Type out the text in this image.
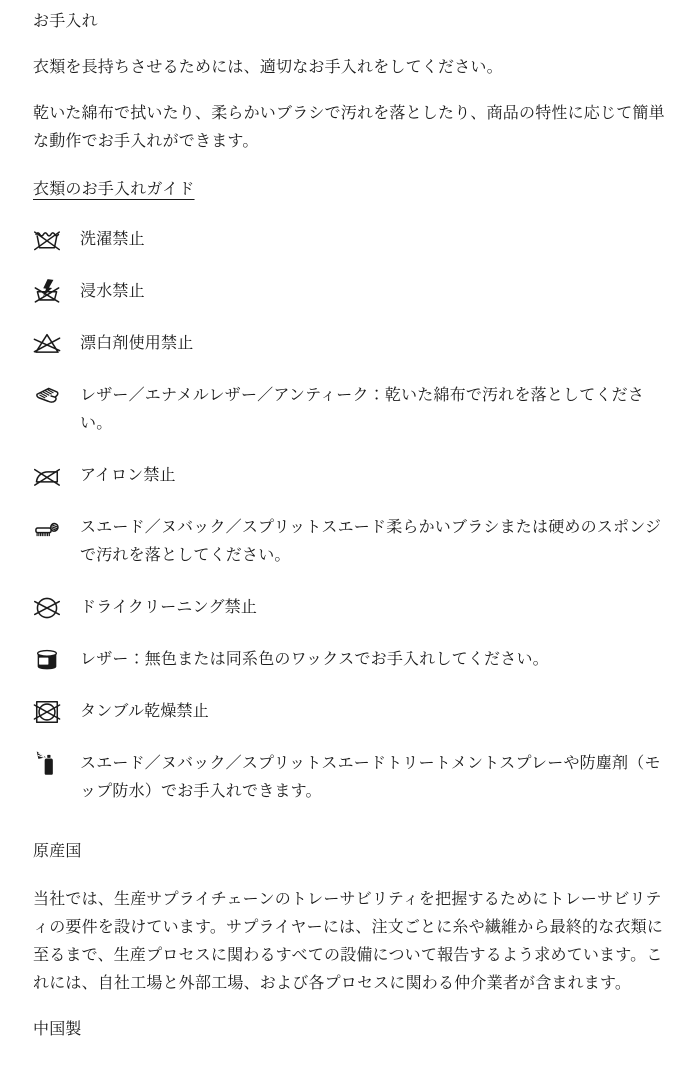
お手入れ

衣類を長持ちさせるためには、適切なお手入れをしてください。

乾いた綿布で拭いたり、柔らかいブラシで汚れを落としたり、商品の特性に応じて簡単な動作でお手入れができます。

衣類のお手入れガイド

洗濯禁止
浸水禁止
漂白剤使用禁止
レザー／エナメルレザー／アンティーク：乾いた綿布で汚れを落としてください。
アイロン禁止
スエード／ヌバック／スプリットスエード柔らかいブラシまたは硬めのスポンジで汚れを落としてください。
ドライクリーニング禁止
レザー：無色または同系色のワックスでお手入れしてください。
タンブル乾燥禁止
スエード／ヌバック／スプリットスエードトリートメントスプレーや防塵剤（モップ防水）でお手入れできます。

原産国

当社では、生産サプライチェーンのトレーサビリティを把握するためにトレーサビリティの要件を設けています。サプライヤーには、注文ごとに糸や繊維から最終的な衣類に至るまで、生産プロセスに関わるすべての設備について報告するよう求めています。これには、自社工場と外部工場、および各プロセスに関わる仲介業者が含まれます。

中国製
